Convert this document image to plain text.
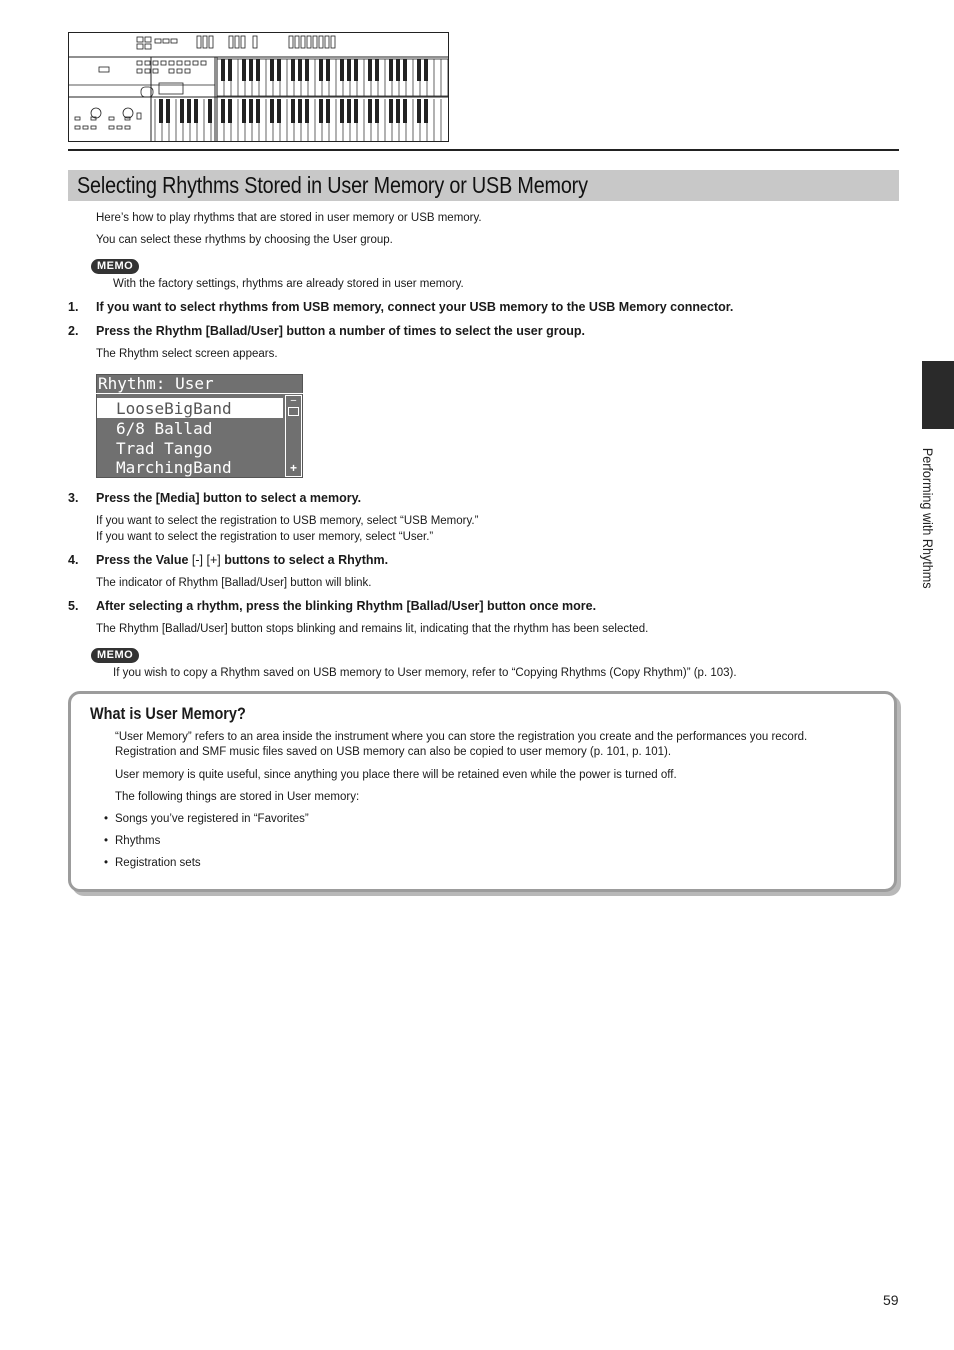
Selecting Rhythms Stored in User Memory or USB Memory
Here’s how to play rhythms that are stored in user memory or USB memory.
You can select these rhythms by choosing the User group.
MEMO
With the factory settings, rhythms are already stored in user memory.
1. If you want to select rhythms from USB memory, connect your USB memory to the USB Memory connector.
2. Press the Rhythm [Ballad/User] button a number of times to select the user group.
The Rhythm select screen appears.
Rhythm: User
LooseBigBand
6/8 Ballad
Trad Tango
MarchingBand
−
+
3. Press the [Media] button to select a memory.
If you want to select the registration to USB memory, select “USB Memory.”
If you want to select the registration to user memory, select “User.”
4. Press the Value [-] [+] buttons to select a Rhythm.
The indicator of Rhythm [Ballad/User] button will blink.
5. After selecting a rhythm, press the blinking Rhythm [Ballad/User] button once more.
The Rhythm [Ballad/User] button stops blinking and remains lit, indicating that the rhythm has been selected.
MEMO
If you wish to copy a Rhythm saved on USB memory to User memory, refer to “Copying Rhythms (Copy Rhythm)” (p. 103).
What is User Memory?
“User Memory” refers to an area inside the instrument where you can store the registration you create and the performances you record.
Registration and SMF music files saved on USB memory can also be copied to user memory (p. 101, p. 101).
User memory is quite useful, since anything you place there will be retained even while the power is turned off.
The following things are stored in User memory:
• Songs you’ve registered in “Favorites”
• Rhythms
• Registration sets
Performing with Rhythms
59
